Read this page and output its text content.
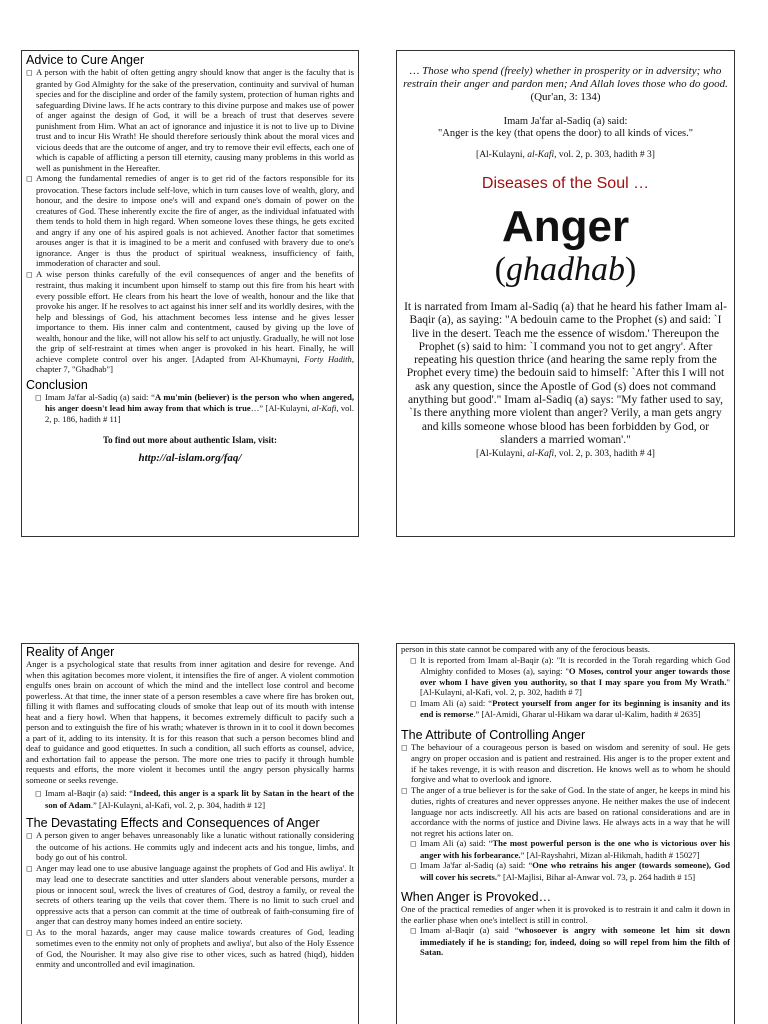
Advice to Cure Anger

◻ A person with the habit of often getting angry should know that anger is the faculty that is granted by God Almighty for the sake of the preservation, continuity and survival of human species and for the discipline and order of the family system, protection of human rights and safeguarding Divine laws. If he acts contrary to this divine purpose and makes use of power of anger against the design of God, it will be a breach of trust that deserves severe punishment from Him. What an act of ignorance and injustice it is not to live up to Divine trust and to incur His Wrath! He should therefore seriously think about the moral vices and vicious deeds that are the outcome of anger, and try to remove their evil effects, each one of which is capable of afflicting a person till eternity, causing many problems in this world as well as punishment in the Hereafter.

◻ Among the fundamental remedies of anger is to get rid of the factors responsible for its provocation. These factors include self-love, which in turn causes love of wealth, glory, and honour, and the desire to impose one's will and expand one's domain of power on the creatures of God. These inherently excite the fire of anger, as the individual infatuated with them tends to hold them in high regard. When someone loves these things, he gets excited and angry if any one of his aspired goals is not achieved. Another factor that sometimes arouses anger is that it is imagined to be a merit and confused with bravery due to one's ignorance. Anger is thus the product of spiritual weakness, insufficiency of faith, immoderation of character and soul.

◻ A wise person thinks carefully of the evil consequences of anger and the benefits of restraint, thus making it incumbent upon himself to stamp out this fire from his heart with every possible effort. He clears from his heart the love of wealth, honour and the like that provoke his anger. If he resolves to act against his inner self and its worldly desires, with the help and blessings of God, his attachment becomes less intense and he gives lesser importance to them. His inner calm and contentment, caused by giving up the love of wealth, honour and the like, will not allow his self to act unjustly. Gradually, he will not lose the grip of self-restraint at times when anger is provoked in his heart. Finally, he will achieve complete control over his anger. [Adapted from Al-Khumayni, Forty Hadith, chapter 7, "Ghadhab"]

Conclusion

◻ Imam Ja'far al-Sadiq (a) said: “A mu'min (believer) is the person who when angered, his anger doesn't lead him away from that which is true…” [Al-Kulayni, al-Kafi, vol. 2, p. 186, hadith # 11]

To find out more about authentic Islam, visit:

http://al-islam.org/faq/

… Those who spend (freely) whether in prosperity or in adversity; who restrain their anger and pardon men; And Allah loves those who do good.
(Qur'an, 3: 134)

Imam Ja'far al-Sadiq (a) said:
"Anger is the key (that opens the door) to all kinds of vices."

[Al-Kulayni, al-Kafi, vol. 2, p. 303, hadith # 3]

Diseases of the Soul …

Anger

(ghadhab)

It is narrated from Imam al-Sadiq (a) that he heard his father Imam al-Baqir (a), as saying: "A bedouin came to the Prophet (s) and said: `I live in the desert. Teach me the essence of wisdom.' Thereupon the Prophet (s) said to him: `I command you not to get angry'. After repeating his question thrice (and hearing the same reply from the Prophet every time) the bedouin said to himself: `After this I will not ask any question, since the Apostle of God (s) does not command anything but good'." Imam al-Sadiq (a) says: "My father used to say, `Is there anything more violent than anger? Verily, a man gets angry and kills someone whose blood has been forbidden by God, or slanders a married woman'."

[Al-Kulayni, al-Kafi, vol. 2, p. 303, hadith # 4]

Reality of Anger

Anger is a psychological state that results from inner agitation and desire for revenge. And when this agitation becomes more violent, it intensifies the fire of anger. A violent commotion engulfs ones brain on account of which the mind and the intellect lose control and become powerless. At that time, the inner state of a person resembles a cave where fire has broken out, filling it with flames and suffocating clouds of smoke that leap out of its mouth with intense heat and a fiery howl. When that happens, it becomes extremely difficult to pacify such a person and to extinguish the fire of his wrath; whatever is thrown in it to cool it down becomes a part of it, adding to its intensity. It is for this reason that such a person becomes blind and deaf to guidance and good etiquettes. In such a condition, all such efforts as counsel, advice, and exhortation fail to appease the person. The more one tries to pacify it through humble requests and efforts, the more violent it becomes until the angry person physically harms someone or seeks revenge.

◻ Imam al-Baqir (a) said: “Indeed, this anger is a spark lit by Satan in the heart of the son of Adam.” [Al-Kulayni, al-Kafi, vol. 2, p. 304, hadith # 12]

The Devastating Effects and Consequences of Anger

◻ A person given to anger behaves unreasonably like a lunatic without rationally considering the outcome of his actions. He commits ugly and indecent acts and his tongue, limbs, and body go out of his control.

◻ Anger may lead one to use abusive language against the prophets of God and His awliya'. It may lead one to desecrate sanctities and utter slanders about venerable persons, murder a pious or innocent soul, wreck the lives of creatures of God, destroy a family, or reveal the secrets of others tearing up the veils that cover them. There is no limit to such cruel and oppressive acts that a person can commit at the time of outbreak of faith-consuming fire of anger that can destroy many homes indeed an entire society.

◻ As to the moral hazards, anger may cause malice towards creatures of God, leading sometimes even to the enmity not only of prophets and awliya', but also of the Holy Essence of God, the Nourisher. It may also give rise to other vices, such as hatred (hiqd), hidden enmity and uncontrolled and evil imagination.

person in this state cannot be compared with any of the ferocious beasts.

◻ It is reported from Imam al-Baqir (a): "It is recorded in the Torah regarding which God Almighty confided to Moses (a), saying: "O Moses, control your anger towards those over whom I have given you authority, so that I may spare you from My Wrath." [Al-Kulayni, al-Kafi, vol. 2, p. 302, hadith # 7]

◻ Imam Ali (a) said: “Protect yourself from anger for its beginning is insanity and its end is remorse.” [Al-Amidi, Gharar ul-Hikam wa darar ul-Kalim, hadith # 2635]

The Attribute of Controlling Anger

◻ The behaviour of a courageous person is based on wisdom and serenity of soul. He gets angry on proper occasion and is patient and restrained. His anger is to the proper extent and if he takes revenge, it is with reason and discretion. He knows well as to whom he should forgive and what to overlook and ignore.

◻ The anger of a true believer is for the sake of God. In the state of anger, he keeps in mind his duties, rights of creatures and never oppresses anyone. He neither makes the use of indecent language nor acts indiscreetly. All his acts are based on rational considerations and are in accordance with the norms of justice and Divine laws. He always acts in a way that he will not regret his actions later on.

◻ Imam Ali (a) said: “The most powerful person is the one who is victorious over his anger with his forbearance.” [Al-Rayshahri, Mizan al-Hikmah, hadith # 15027]

◻ Imam Ja'far al-Sadiq (a) said: “One who retrains his anger (towards someone), God will cover his secrets.” [Al-Majlisi, Bihar al-Anwar vol. 73, p. 264 hadith # 15]

When Anger is Provoked…

One of the practical remedies of anger when it is provoked is to restrain it and calm it down in the earlier phase when one's intellect is still in control.

◻ Imam al-Baqir (a) said “whosoever is angry with someone let him sit down immediately if he is standing; for, indeed, doing so will repel from him the filth of Satan.
